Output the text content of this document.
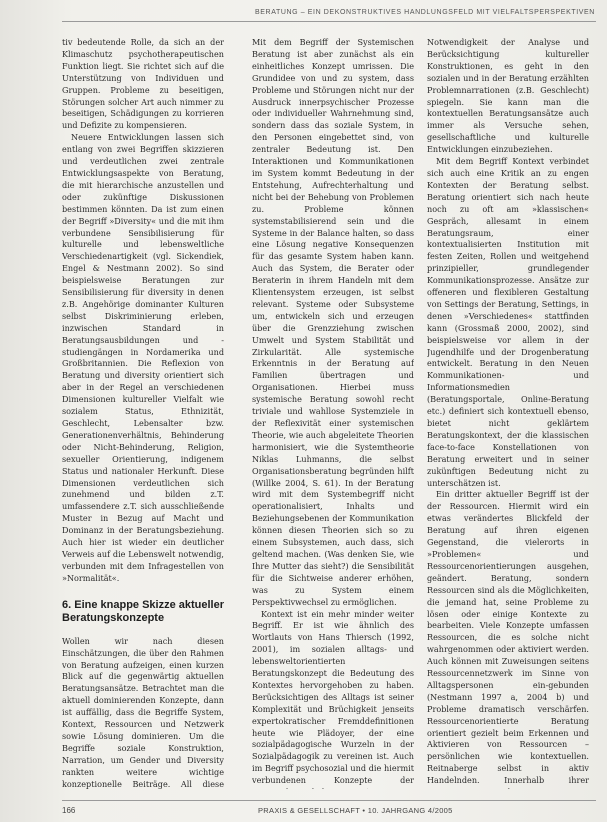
BERATUNG – EIN DEKONSTRUKTIVES HANDLUNGSFELD MIT VIELFALTSPERSPEKTIVEN

tiv bedeutende Rolle, da sich an der Klimaschutz psychotherapeutischen Funktion liegt. Sie richtet sich auf die Unterstützung von Individuen und Gruppen. Probleme zu beseitigen, Störungen solcher Art auch nimmer zu beseitigen, Schädigungen zu korrieren und Defizite zu kompensieren.

Neuere Entwicklungen lassen sich entlang von zwei Begriffen skizzieren und verdeutlichen zwei zentrale Entwicklungsaspekte von Beratung, die mit hierarchische anzustellen und oder zukünftige Diskussionen bestimmen könnten. Da ist zum einen der Begriff »Diversity« und die mit ihm verbundene Sensibilisierung für kulturelle und lebensweltliche Verschiedenartigkeit (vgl. Sickendiek, Engel & Nestmann 2002). So sind beispielsweise Beratungen zur Sensibilisierung für diversity in denen z.B. Angehörige dominanter Kulturen selbst Diskriminierung erleben, inzwischen Standard in Beratungsausbildungen und -studiengängen in Nordamerika und Großbritannien. Die Reflexion von Beratung und diversity orientiert sich aber in der Regel an verschiedenen Dimensionen kultureller Vielfalt wie sozialem Status, Ethnizität, Geschlecht, Lebensalter bzw. Generationenverhältnis, Behinderung oder Nicht-Behinderung, Religion, sexueller Orientierung, indigenem Status und nationaler Herkunft. Diese Dimensionen verdeutlichen sich zunehmend und bilden z.T. umfassendere z.T. sich ausschließende Muster in Bezug auf Macht und Dominanz in der Beratungsbeziehung. Auch hier ist wieder ein deutlicher Verweis auf die Lebenswelt notwendig, verbunden mit dem Infragestellen von »Normalität«.

6. Eine knappe Skizze aktueller Beratungskonzepte

Wollen wir nach diesen Einschätzungen, die über den Rahmen von Beratung aufzeigen, einen kurzen Blick auf die gegenwärtig aktuellen Beratungsansätze. Betrachtet man die aktuell dominierenden Konzepte, dann ist auffällig, dass die Begriffe System, Kontext, Ressourcen und Netzwerk sowie Lösung dominieren. Um die Begriffe soziale Konstruktion, Narration, um Gender und Diversity rankten weitere wichtige konzeptionelle Beiträge. All diese

Mit dem Begriff der Systemischen Beratung ist aber zunächst als ein einheitliches Konzept umrissen. Die Grundidee von und zu system, dass Probleme und Störungen nicht nur der Ausdruck innerpsychischer Prozesse oder individueller Wahrnehmung sind, sondern dass das soziale System, in den Personen eingebettet sind, von zentraler Bedeutung ist. Den Interaktionen und Kommunikationen im System kommt Bedeutung in der Entstehung, Aufrechterhaltung und nicht bei der Behebung von Problemen zu. Probleme können systemstabilisierend sein und die Systeme in der Balance halten, so dass eine Lösung negative Konsequenzen für das gesamte System haben kann. Auch das System, die Berater oder Beraterin in ihrem Handeln mit dem Klientensystem erzeugen, ist selbst relevant. Systeme oder Subsysteme um, entwickeln sich und erzeugen über die Grenzziehung zwischen Umwelt und System Stabilität und Zirkularität. Alle systemische Erkenntnis in der Beratung auf Familien übertragen und Organisationen. Hierbei muss systemische Beratung sowohl recht triviale und wahllose Systemziele in der Reflexivität einer systemischen Theorie, wie auch abgeleitete Theorien harmonisiert, wie die Systemtheorie Niklas Luhmanns, die selbst Organisationsberatung begründen hilft (Willke 2004, S. 61). In der Beratung wird mit dem Systembegriff nicht operationalisiert, Inhalts und Beziehungsebenen der Kommunikation können diesen Theorien sich so zu einem Subsystemen, auch dass, sich geltend machen. (Was denken Sie, wie Ihre Mutter das sieht?) die Sensibilität für die Sichtweise anderer erhöhen, was zu System einem Perspektivwechsel zu ermöglichen.

Kontext ist ein mehr minder weiter Begriff. Er ist wie ähnlich des Wortlauts von Hans Thiersch (1992, 2001), im sozialen alltags- und lebensweltorientierten Beratungskonzept die Bedeutung des Kontextes hervorgehoben zu haben. Berücksichtigen des Alltags ist seiner Komplexität und Brüchigkeit jenseits expertokratischer Fremddefinitionen heute wie Plädoyer, der eine sozialpädagogische Wurzeln in der Sozialpädagogik zu vereinen ist. Auch im Begriff psychosozial und die hiermit verbundenen Konzepte der

Notwendigkeit der Analyse und Berücksichtigung kultureller Konstruktionen, es geht in den sozialen und in der Beratung erzählten Problemnarrationen (z.B. Geschlecht) spiegeln. Sie kann man die kontextuellen Beratungsansätze auch immer als Versuche sehen, gesellschaftliche und kulturelle Entwicklungen einzubeziehen.

Mit dem Begriff Kontext verbindet sich auch eine Kritik an zu engen Kontexten der Beratung selbst. Beratung orientiert sich nach heute noch zu oft am »klassischen« Gespräch, allesamt in einem Beratungsraum, einer kontextualisierten Institution mit festen Zeiten, Rollen und weitgehend prinzipieller, grundlegender Kommunikationsprozesse. Ansätze zur offeneren und flexibleren Gestaltung von Settings der Beratung, Settings, in denen »Verschiedenes« stattfinden kann (Grossmaß 2000, 2002), sind beispielsweise vor allem in der Jugendhilfe und der Drogenberatung entwickelt. Beratung in den Neuen Kommunikationen- und Informationsmedien (Beratungsportale, Online-Beratung etc.) definiert sich kontextuell ebenso, bietet nicht geklärtem Beratungskontext, der die klassischen face-to-face Konstellationen von Beratung erweitert und in seiner zukünftigen Bedeutung nicht zu unterschätzen ist.

Ein dritter aktueller Begriff ist der der Ressourcen. Hiermit wird ein etwas verändertes Blickfeld der Beratung auf ihren eigenen Gegenstand, die vielerorts in »Problemen« und Ressourcenorientierungen ausgehen, geändert. Beratung, sondern Ressourcen sind als die Möglichkeiten, die jemand hat, seine Probleme zu lösen oder einige Kontexte zu bearbeiten. Viele Konzepte umfassen Ressourcen, die es solche nicht wahrgenommen oder aktiviert werden. Auch können mit Zuweisungen seitens Ressourcennetzwerk im Sinne von Alltagspersonen ein-gebunden (Nestmann 1997 a, 2004 b) und Probleme dramatisch verschärfen. Ressourcenorientierte Beratung orientiert gezielt beim Erkennen und Aktivieren von Ressourcen – persönlichen wie kontextuellen. Reitnaberge selbst in aktiv Handelnden. Innerhalb ihrer

166	PRAXIS & GESELLSCHAFT • 10. JAHRGANG 4/2005
